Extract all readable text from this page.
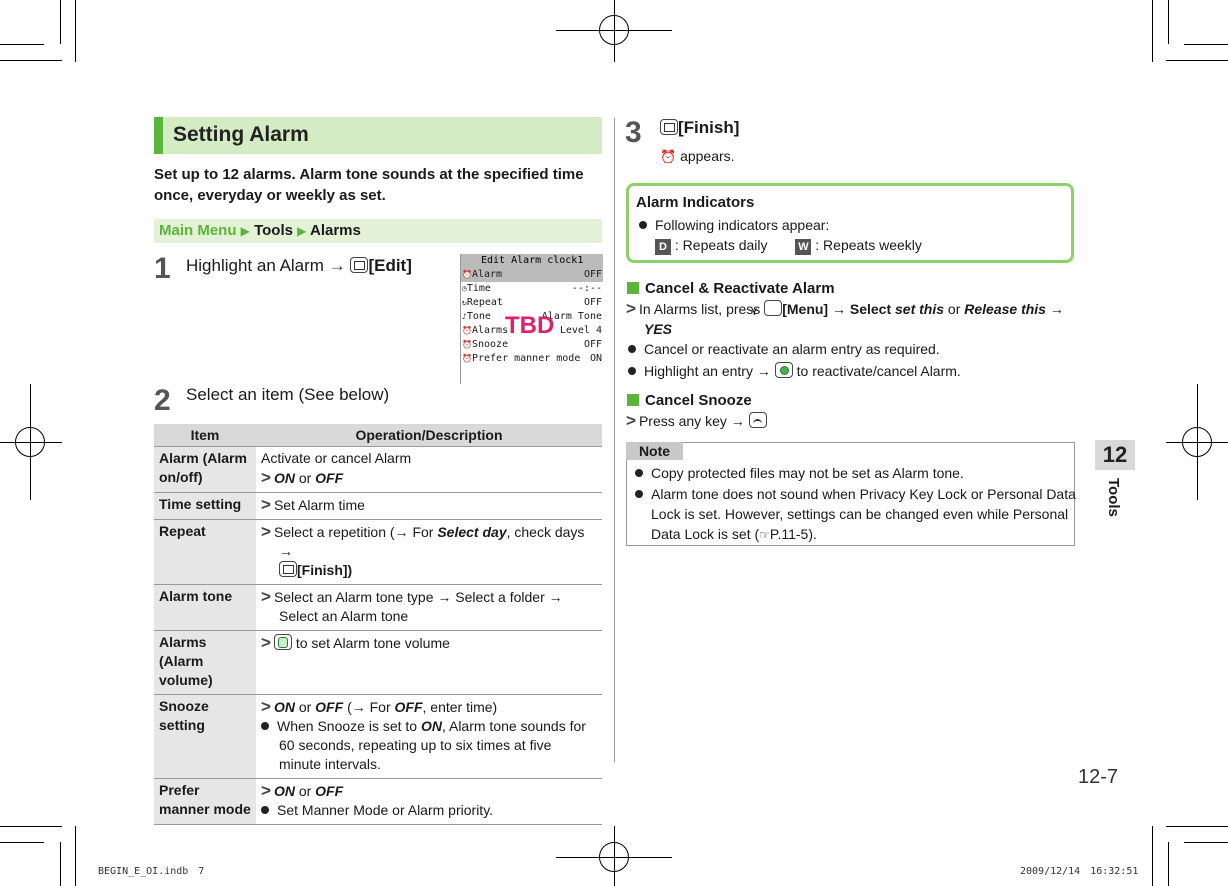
Setting Alarm
Set up to 12 alarms. Alarm tone sounds at the specified time once, everyday or weekly as set.
Main Menu ▶ Tools ▶ Alarms
1 Highlight an Alarm → [Edit]	Edit Alarm clock1
⏰Alarm	OFF
◷Time	--:--
↻Repeat	OFF
♪Tone	Alarm Tone
⏰Alarms	Level 4
⏰Snooze	OFF
⏰Prefer manner mode ON
TBD
2 Select an item (See below)
Item	Operation/Description
Alarm (Alarm on/off)	Activate or cancel Alarm
> ON or OFF

Time setting	> Set Alarm time
Repeat	> Select a repetition (→ For Select day, check days →
[Finish])

Alarm tone	> Select an Alarm tone type → Select a folder → Select an Alarm tone

Alarms (Alarm volume)	> to set Alarm tone volume
Snooze setting	> ON or OFF (→ For OFF, enter time)
When Snooze is set to ON, Alarm tone sounds for 60 seconds, repeating up to six times at five minute intervals.

Prefer manner mode	> ON or OFF
Set Manner Mode or Alarm priority.
3	[Finish]
⏰ appears.
Alarm Indicators
Following indicators appear:
D : Repeats daily	W : Repeats weekly
Cancel & Reactivate Alarm
> In Alarms list, press Y [Menu] → Select set this or Release this →
YES
Cancel or reactivate an alarm entry as required.
Highlight an entry → to reactivate/cancel Alarm.
Cancel Snooze
> Press any key →
Note
Copy protected files may not be set as Alarm tone.
Alarm tone does not sound when Privacy Key Lock or Personal Data Lock is set. However, settings can be changed even while Personal Data Lock is set (☞P.11-5).
12
Tools
12-7
BEGIN_E_OI.indb　7	2009/12/14　16:32:51
